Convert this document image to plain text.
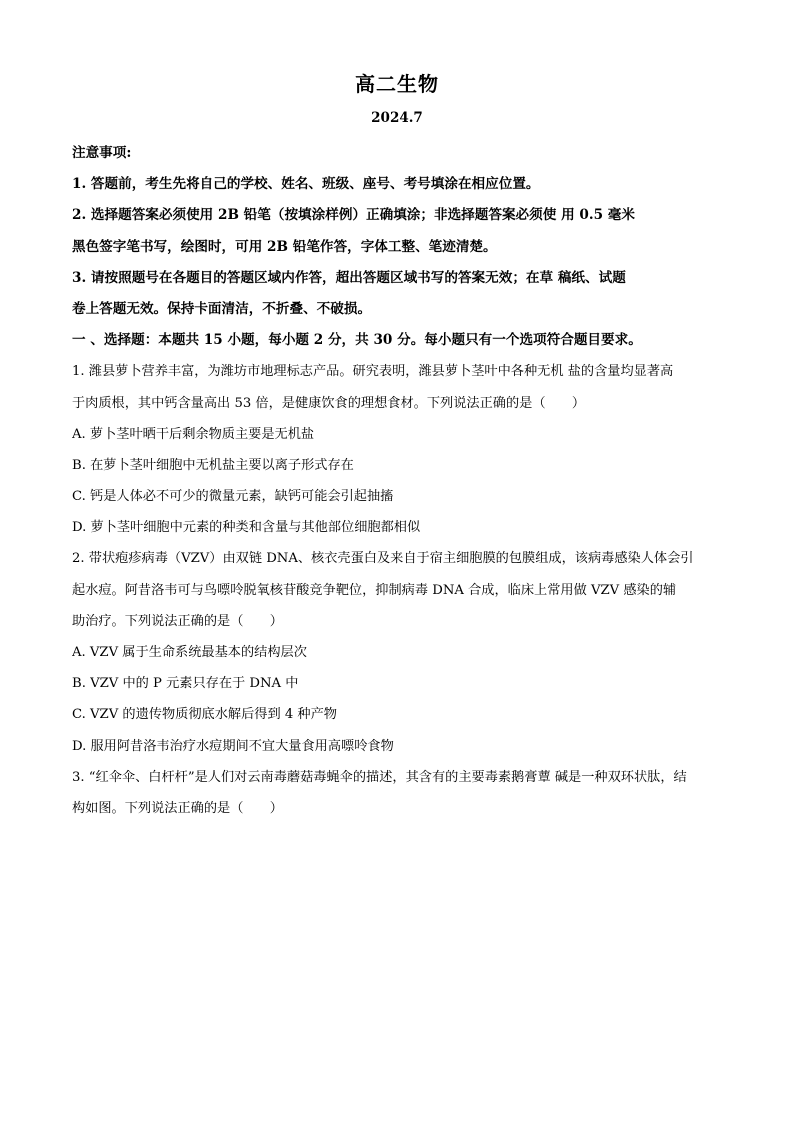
高二生物
2024.7
注意事项:
1. 答题前，考生先将自己的学校、姓名、班级、座号、考号填涂在相应位置。
2. 选择题答案必须使用 2B 铅笔（按填涂样例）正确填涂；非选择题答案必须使 用 0.5 毫米
黑色签字笔书写，绘图时，可用 2B 铅笔作答，字体工整、笔迹清楚。
3. 请按照题号在各题目的答题区域内作答，超出答题区域书写的答案无效；在草 稿纸、试题
卷上答题无效。保持卡面清洁，不折叠、不破损。
一 、选择题：本题共 15 小题，每小题 2 分，共 30 分。每小题只有一个选项符合题目要求。
1. 潍县萝卜营养丰富，为潍坊市地理标志产品。研究表明，潍县萝卜茎叶中各种无机 盐的含量均显著高
于肉质根，其中钙含量高出 53 倍，是健康饮食的理想食材。下列说法正确的是（　　）
A. 萝卜茎叶晒干后剩余物质主要是无机盐
B. 在萝卜茎叶细胞中无机盐主要以离子形式存在
C. 钙是人体必不可少的微量元素，缺钙可能会引起抽搐
D. 萝卜茎叶细胞中元素的种类和含量与其他部位细胞都相似
2. 带状疱疹病毒（VZV）由双链 DNA、核衣壳蛋白及来自于宿主细胞膜的包膜组成，该病毒感染人体会引
起水痘。阿昔洛韦可与鸟嘌呤脱氧核苷酸竞争靶位，抑制病毒 DNA 合成，临床上常用做 VZV 感染的辅
助治疗。下列说法正确的是（　　）
A. VZV 属于生命系统最基本的结构层次
B. VZV 中的 P 元素只存在于 DNA 中
C. VZV 的遗传物质彻底水解后得到 4 种产物
D. 服用阿昔洛韦治疗水痘期间不宜大量食用高嘌呤食物
3. “红伞伞、白杆杆”是人们对云南毒蘑菇毒蝇伞的描述，其含有的主要毒素鹅膏蕈 碱是一种双环状肽，结
构如图。下列说法正确的是（　　）
